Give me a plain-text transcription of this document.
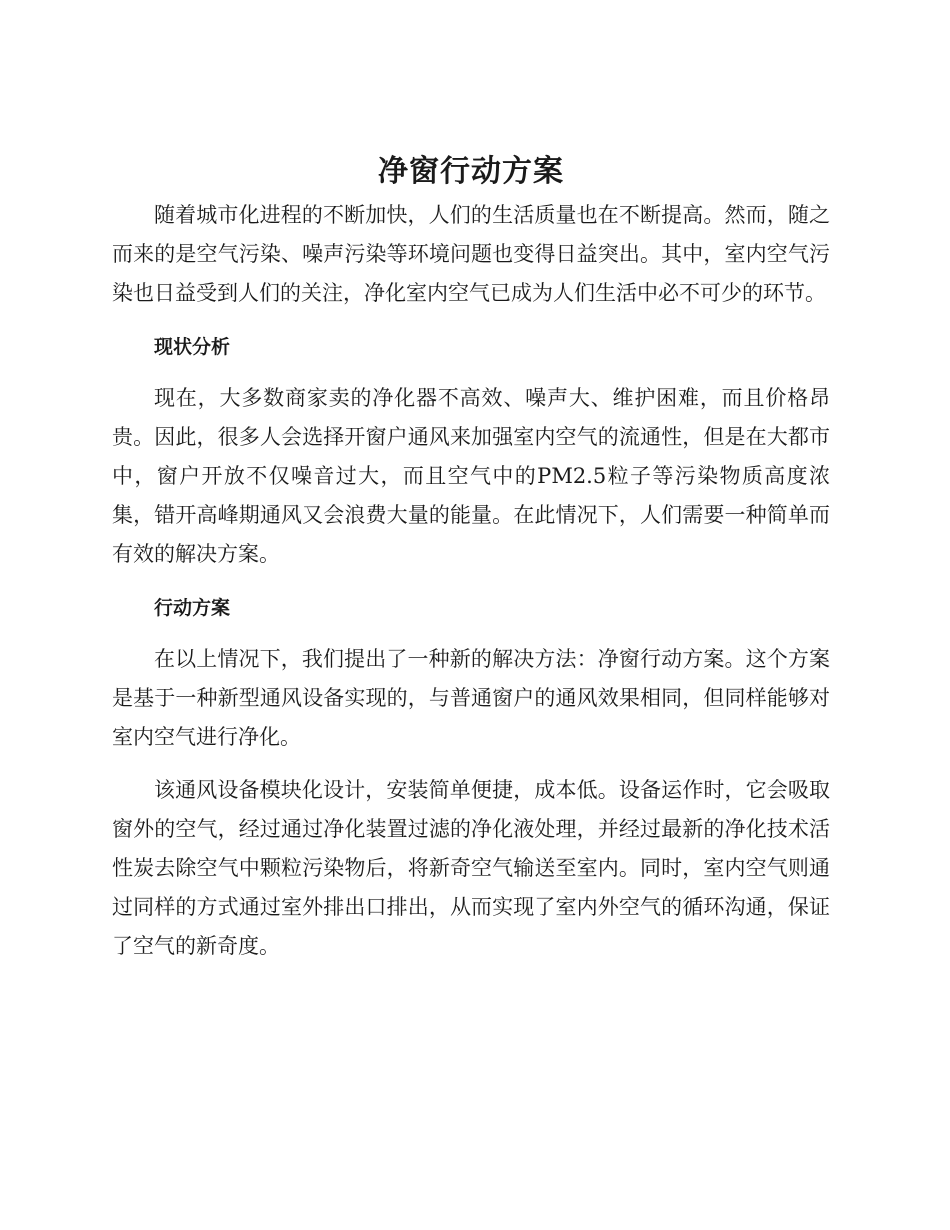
净窗行动方案

随着城市化进程的不断加快，人们的生活质量也在不断提高。然而，随之而来的是空气污染、噪声污染等环境问题也变得日益突出。其中，室内空气污染也日益受到人们的关注，净化室内空气已成为人们生活中必不可少的环节。

现状分析

现在，大多数商家卖的净化器不高效、噪声大、维护困难，而且价格昂贵。因此，很多人会选择开窗户通风来加强室内空气的流通性，但是在大都市中，窗户开放不仅噪音过大，而且空气中的PM2.5粒子等污染物质高度浓集，错开高峰期通风又会浪费大量的能量。在此情况下，人们需要一种简单而有效的解决方案。

行动方案

在以上情况下，我们提出了一种新的解决方法：净窗行动方案。这个方案是基于一种新型通风设备实现的，与普通窗户的通风效果相同，但同样能够对室内空气进行净化。

该通风设备模块化设计，安装简单便捷，成本低。设备运作时，它会吸取窗外的空气，经过通过净化装置过滤的净化液处理，并经过最新的净化技术活性炭去除空气中颗粒污染物后，将新奇空气输送至室内。同时，室内空气则通过同样的方式通过室外排出口排出，从而实现了室内外空气的循环沟通，保证了空气的新奇度。
